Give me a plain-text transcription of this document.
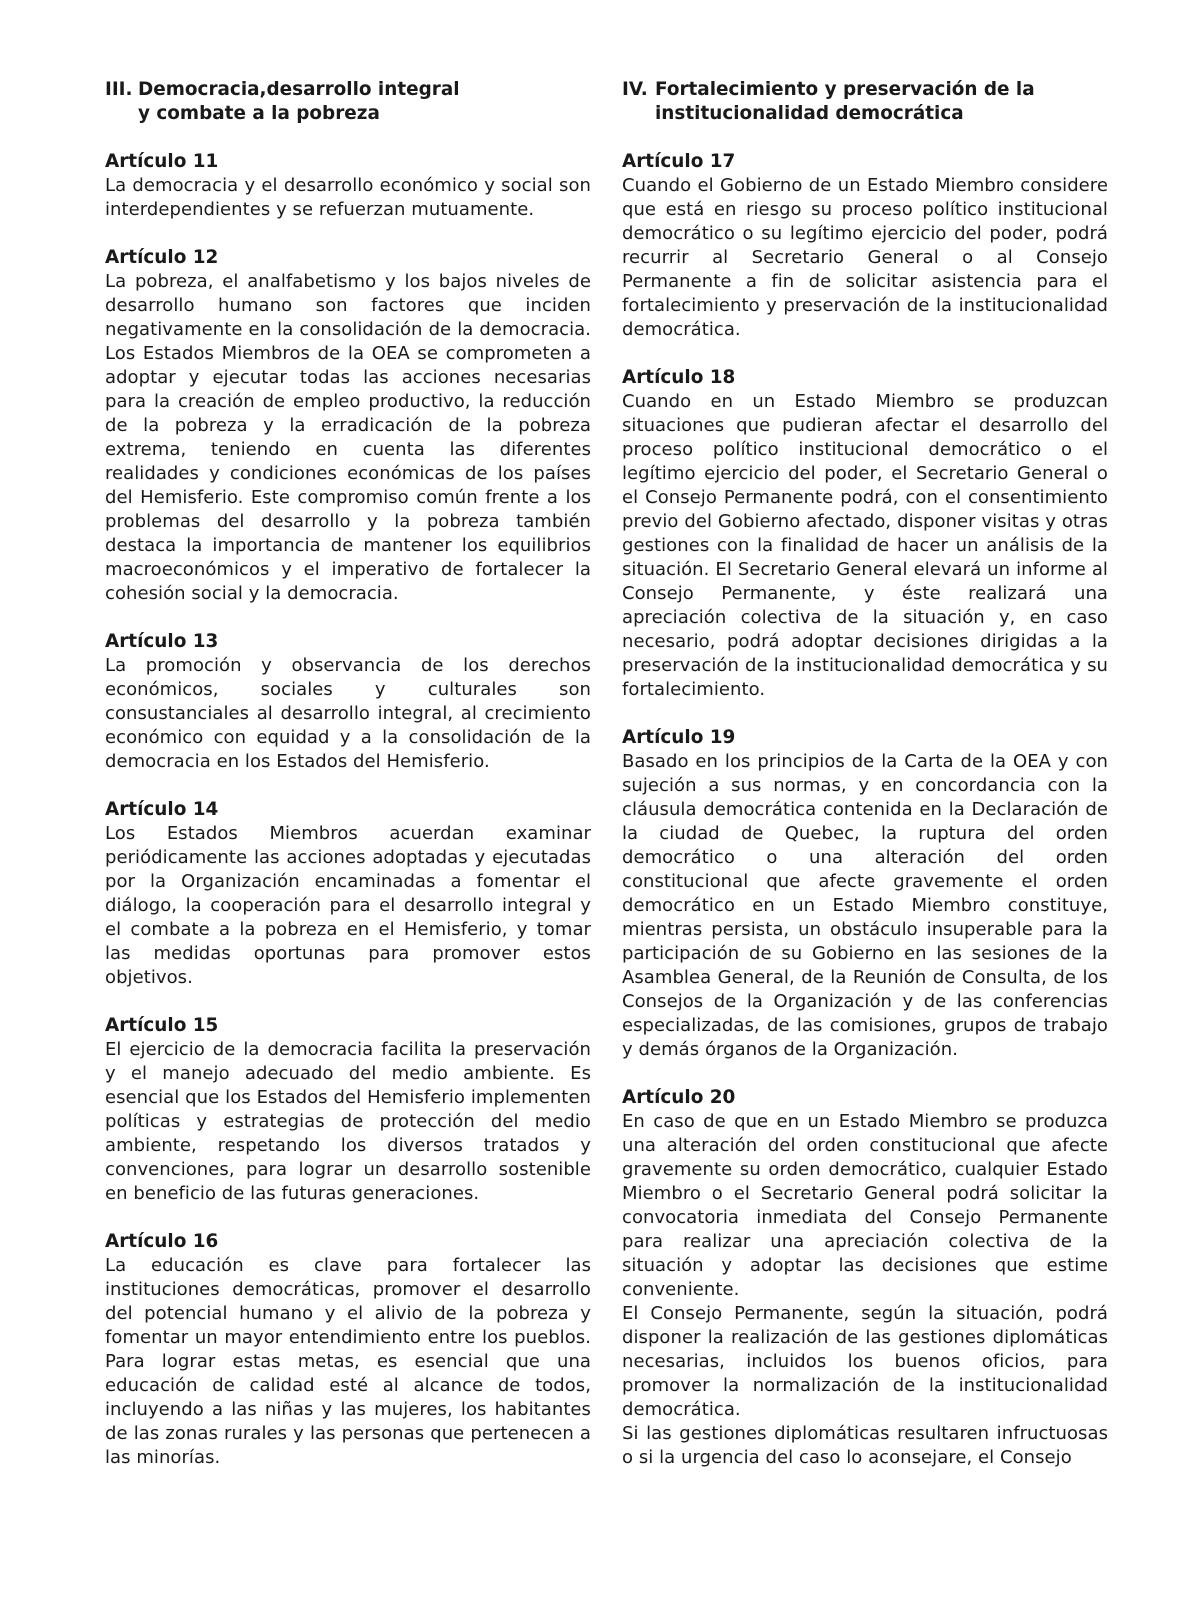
III. Democracia,desarrollo integral
y combate a la pobreza
Artículo 11

La democracia y el desarrollo económico y social son interdependientes y se refuerzan mutuamente.

Artículo 12

La pobreza, el analfabetismo y los bajos niveles de desarrollo humano son factores que inciden negativamente en la consolidación de la democracia. Los Estados Miembros de la OEA se comprometen a adoptar y ejecutar todas las acciones necesarias para la creación de empleo productivo, la reducción de la pobreza y la erradicación de la pobreza extrema, teniendo en cuenta las diferentes realidades y condiciones económicas de los países del Hemisferio. Este compromiso común frente a los problemas del desarrollo y la pobreza también destaca la importancia de mantener los equilibrios macroeconómicos y el imperativo de fortalecer la cohesión social y la democracia.

Artículo 13

La promoción y observancia de los derechos económicos, sociales y culturales son consustanciales al desarrollo integral, al crecimiento económico con equidad y a la consolidación de la democracia en los Estados del Hemisferio.

Artículo 14

Los Estados Miembros acuerdan examinar periódicamente las acciones adoptadas y ejecutadas por la Organización encaminadas a fomentar el diálogo, la cooperación para el desarrollo integral y el combate a la pobreza en el Hemisferio, y tomar las medidas oportunas para promover estos objetivos.

Artículo 15

El ejercicio de la democracia facilita la preservación y el manejo adecuado del medio ambiente. Es esencial que los Estados del Hemisferio implementen políticas y estrategias de protección del medio ambiente, respetando los diversos tratados y convenciones, para lograr un desarrollo sostenible en beneficio de las futuras generaciones.

Artículo 16

La educación es clave para fortalecer las instituciones democráticas, promover el desarrollo del potencial humano y el alivio de la pobreza y fomentar un mayor entendimiento entre los pueblos. Para lograr estas metas, es esencial que una educación de calidad esté al alcance de todos, incluyendo a las niñas y las mujeres, los habitantes de las zonas rurales y las personas que pertenecen a las minorías.

IV. Fortalecimiento y preservación de la
institucionalidad democrática
Artículo 17

Cuando el Gobierno de un Estado Miembro considere que está en riesgo su proceso político institucional democrático o su legítimo ejercicio del poder, podrá recurrir al Secretario General o al Consejo Permanente a fin de solicitar asistencia para el fortalecimiento y preservación de la institucionalidad democrática.

Artículo 18

Cuando en un Estado Miembro se produzcan situaciones que pudieran afectar el desarrollo del proceso político institucional democrático o el legítimo ejercicio del poder, el Secretario General o el Consejo Permanente podrá, con el consentimiento previo del Gobierno afectado, disponer visitas y otras gestiones con la finalidad de hacer un análisis de la situación. El Secretario General elevará un informe al Consejo Permanente, y éste realizará una apreciación colectiva de la situación y, en caso necesario, podrá adoptar decisiones dirigidas a la preservación de la institucionalidad democrática y su fortalecimiento.

Artículo 19

Basado en los principios de la Carta de la OEA y con sujeción a sus normas, y en concordancia con la cláusula democrática contenida en la Declaración de la ciudad de Quebec, la ruptura del orden democrático o una alteración del orden constitucional que afecte gravemente el orden democrático en un Estado Miembro constituye, mientras persista, un obstáculo insuperable para la participación de su Gobierno en las sesiones de la Asamblea General, de la Reunión de Consulta, de los Consejos de la Organización y de las conferencias especializadas, de las comisiones, grupos de trabajo y demás órganos de la Organización.

Artículo 20

En caso de que en un Estado Miembro se produzca una alteración del orden constitucional que afecte gravemente su orden democrático, cualquier Estado Miembro o el Secretario General podrá solicitar la convocatoria inmediata del Consejo Permanente para realizar una apreciación colectiva de la situación y adoptar las decisiones que estime conveniente.

El Consejo Permanente, según la situación, podrá disponer la realización de las gestiones diplomáticas necesarias, incluidos los buenos oficios, para promover la normalización de la institucionalidad democrática.

Si las gestiones diplomáticas resultaren infructuosas o si la urgencia del caso lo aconsejare, el Consejo
